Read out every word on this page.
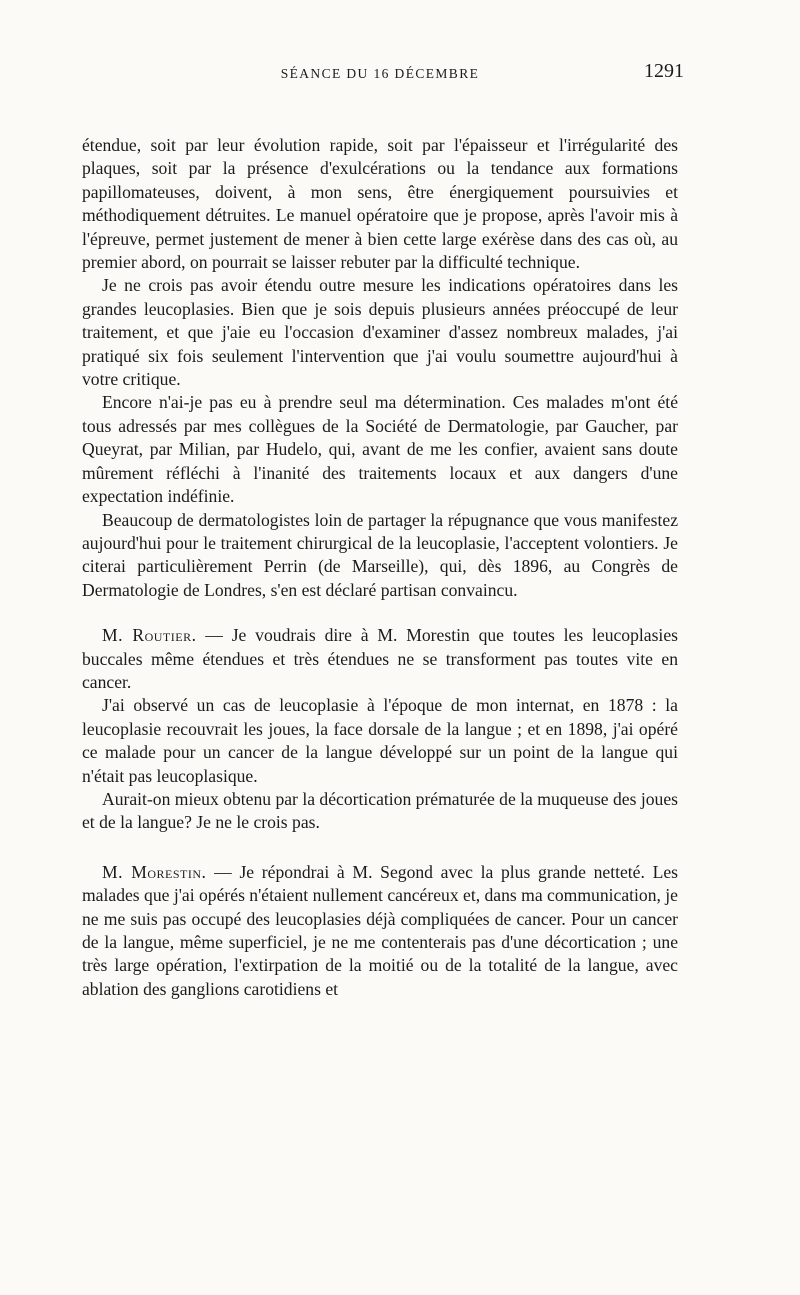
SÉANCE DU 16 DÉCEMBRE	1291

étendue, soit par leur évolution rapide, soit par l'épaisseur et l'irrégularité des plaques, soit par la présence d'exulcérations ou la tendance aux formations papillomateuses, doivent, à mon sens, être énergiquement poursuivies et méthodiquement détruites. Le manuel opératoire que je propose, après l'avoir mis à l'épreuve, permet justement de mener à bien cette large exérèse dans des cas où, au premier abord, on pourrait se laisser rebuter par la difficulté technique.

Je ne crois pas avoir étendu outre mesure les indications opératoires dans les grandes leucoplasies. Bien que je sois depuis plusieurs années préoccupé de leur traitement, et que j'aie eu l'occasion d'examiner d'assez nombreux malades, j'ai pratiqué six fois seulement l'intervention que j'ai voulu soumettre aujourd'hui à votre critique.

Encore n'ai-je pas eu à prendre seul ma détermination. Ces malades m'ont été tous adressés par mes collègues de la Société de Dermatologie, par Gaucher, par Queyrat, par Milian, par Hudelo, qui, avant de me les confier, avaient sans doute mûrement réfléchi à l'inanité des traitements locaux et aux dangers d'une expectation indéfinie.

Beaucoup de dermatologistes loin de partager la répugnance que vous manifestez aujourd'hui pour le traitement chirurgical de la leucoplasie, l'acceptent volontiers. Je citerai particulièrement Perrin (de Marseille), qui, dès 1896, au Congrès de Dermatologie de Londres, s'en est déclaré partisan convaincu.

M. Routier. — Je voudrais dire à M. Morestin que toutes les leucoplasies buccales même étendues et très étendues ne se transforment pas toutes vite en cancer.

J'ai observé un cas de leucoplasie à l'époque de mon internat, en 1878 : la leucoplasie recouvrait les joues, la face dorsale de la langue ; et en 1898, j'ai opéré ce malade pour un cancer de la langue développé sur un point de la langue qui n'était pas leucoplasique.

Aurait-on mieux obtenu par la décortication prématurée de la muqueuse des joues et de la langue? Je ne le crois pas.

M. Morestin. — Je répondrai à M. Segond avec la plus grande netteté. Les malades que j'ai opérés n'étaient nullement cancéreux et, dans ma communication, je ne me suis pas occupé des leucoplasies déjà compliquées de cancer. Pour un cancer de la langue, même superficiel, je ne me contenterais pas d'une décortication ; une très large opération, l'extirpation de la moitié ou de la totalité de la langue, avec ablation des ganglions carotidiens et
